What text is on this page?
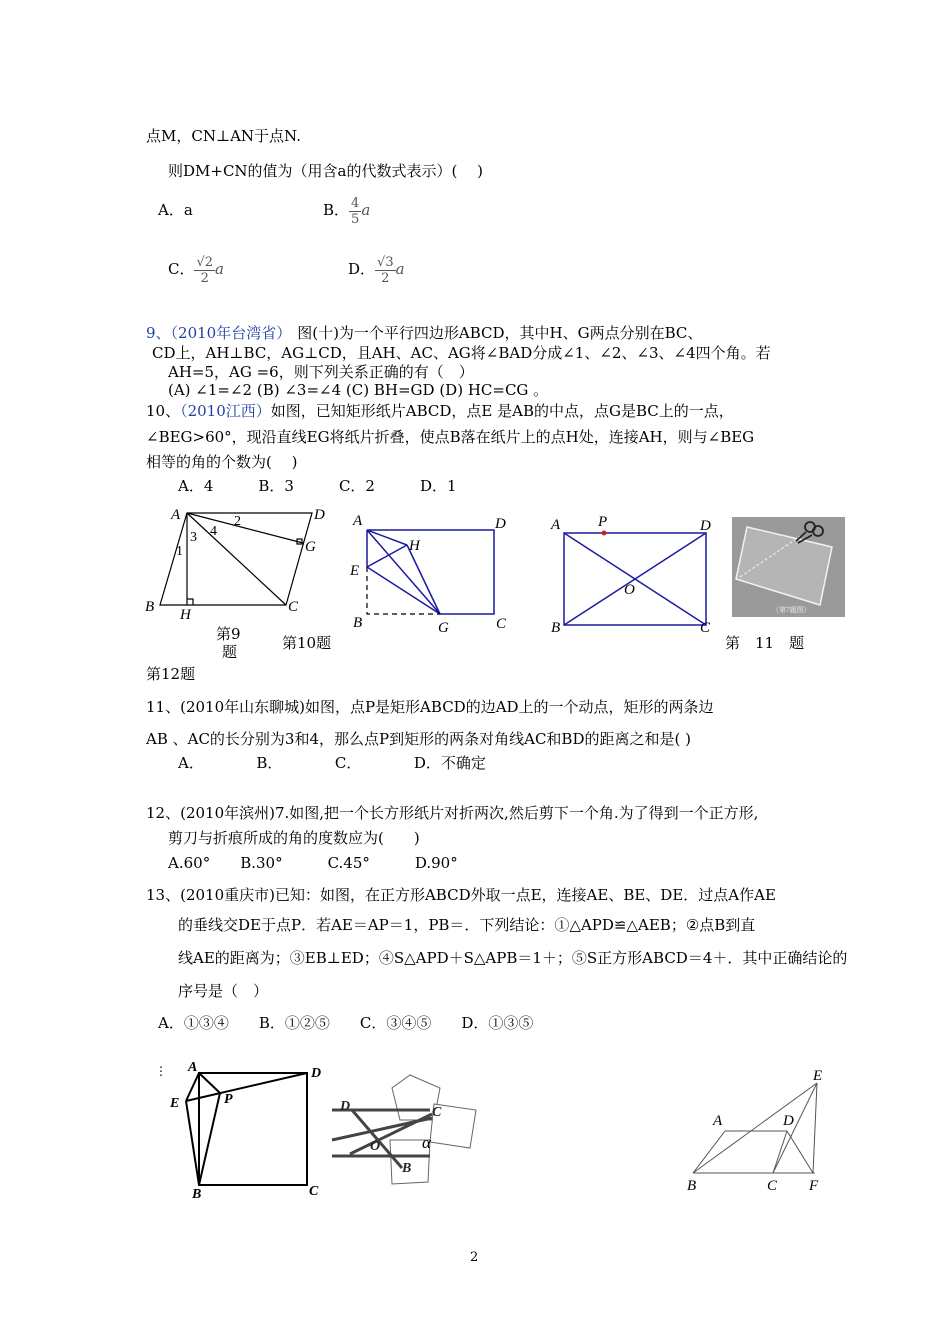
点M，CN⊥AN于点N.
则DM+CN的值为（用含a的代数式表示）(　 )
A．a	B． $\frac{4}{5}$ a
C． $\frac{√2}{2}$ a	D． $\frac{√3}{2}$ a
9、（2010年台湾省） 图(十)为一个平行四边形ABCD，其中H、G两点分别在BC、
CD上，AH⊥BC，AG⊥CD，且AH、AC、AG将∠BAD分成∠1、∠2、∠3、∠4四个角。若
AH=5，AG =6，则下列关系正确的有（　）
(A) ∠1=∠2 (B) ∠3=∠4 (C) BH=GD (D) HC=CG 。
10、（2010江西）如图，已知矩形纸片ABCD，点E 是AB的中点，点G是BC上的一点，
∠BEG>60°，现沿直线EG将纸片折叠，使点B落在纸片上的点H处，连接AH，则与∠BEG
相等的角的个数为(　 )
A．4　　　B．3　　　C．2　　　D．1
A	D
B	C
G
H
1
2
3 4
第9
题
A	D
H
E
B	G	C
第10题
A	P	D
O
B	C
第　11　题
（第7题图）
第12题
11、(2010年山东聊城)如图，点P是矩形ABCD的边AD上的一个动点，矩形的两条边
AB 、AC的长分别为3和4，那么点P到矩形的两条对角线AC和BD的距离之和是( )
A．　　　　B．　　　　C．　　　　D．不确定
12、(2010年滨州)7.如图,把一个长方形纸片对折两次,然后剪下一个角.为了得到一个正方形,
剪刀与折痕所成的角的度数应为(　　)
A.60°　　B.30°　　　C.45°　　　D.90°
13、(2010重庆市)已知：如图，在正方形ABCD外取一点E，连接AE、BE、DE．过点A作AE
的垂线交DE于点P．若AE＝AP＝1，PB＝．下列结论：①△APD≌△AEB；②点B到直
线AE的距离为；③EB⊥ED；④S△APD＋S△APB＝1＋；⑤S正方形ABCD＝4＋．其中正确结论的
序号是（　）
A．①③④　　B．①②⑤　　C．③④⑤　　D．①③⑤
⋮ A	D
E	P
B	C
D	C
O
B
α
E
A	D
B	C F
2
